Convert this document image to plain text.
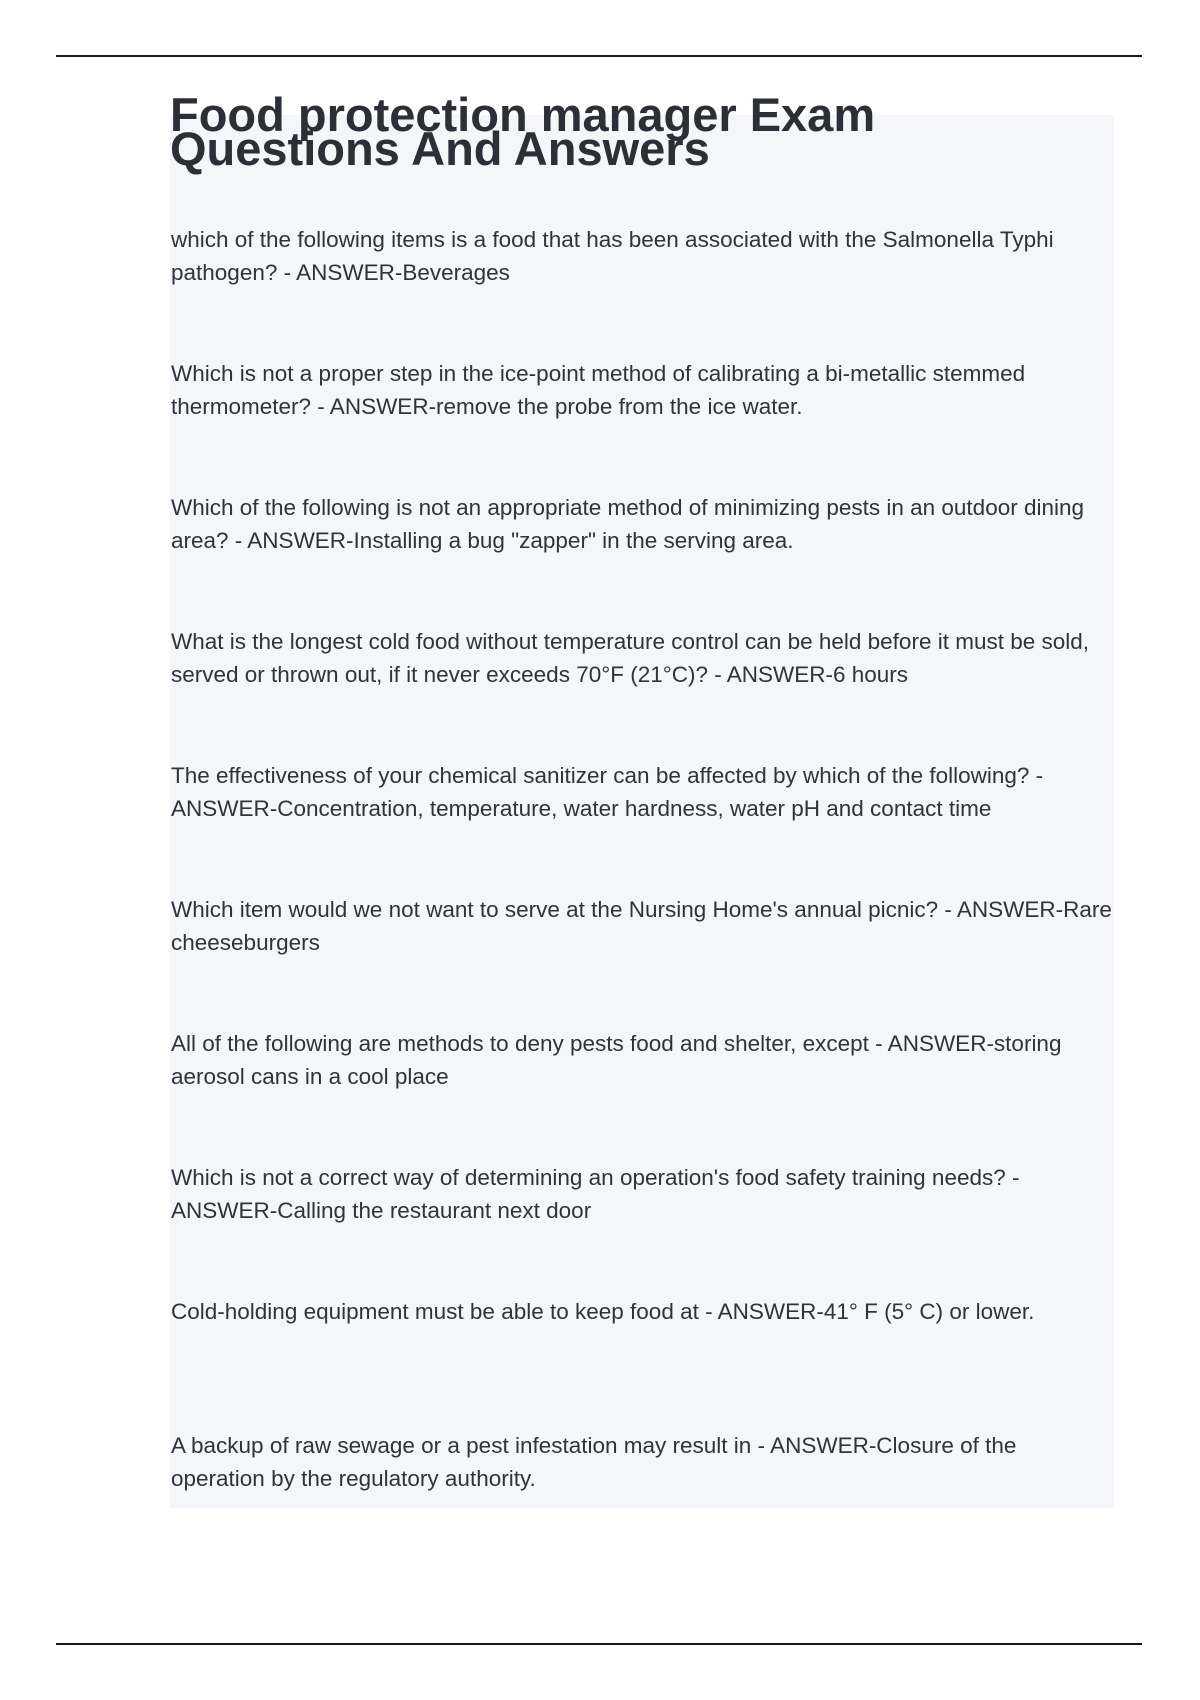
Food protection manager Exam Questions And Answers
which of the following items is a food that has been associated with the Salmonella Typhi pathogen? - ANSWER-Beverages
Which is not a proper step in the ice-point method of calibrating a bi-metallic stemmed thermometer? - ANSWER-remove the probe from the ice water.
Which of the following is not an appropriate method of minimizing pests in an outdoor dining area? - ANSWER-Installing a bug "zapper" in the serving area.
What is the longest cold food without temperature control can be held before it must be sold, served or thrown out, if it never exceeds 70°F (21°C)? - ANSWER-6 hours
The effectiveness of your chemical sanitizer can be affected by which of the following? - ANSWER-Concentration, temperature, water hardness, water pH and contact time
Which item would we not want to serve at the Nursing Home's annual picnic? - ANSWER-Rare cheeseburgers
All of the following are methods to deny pests food and shelter, except - ANSWER-storing aerosol cans in a cool place
Which is not a correct way of determining an operation's food safety training needs? - ANSWER-Calling the restaurant next door
Cold-holding equipment must be able to keep food at - ANSWER-41° F (5° C) or lower.
A backup of raw sewage or a pest infestation may result in - ANSWER-Closure of the operation by the regulatory authority.
